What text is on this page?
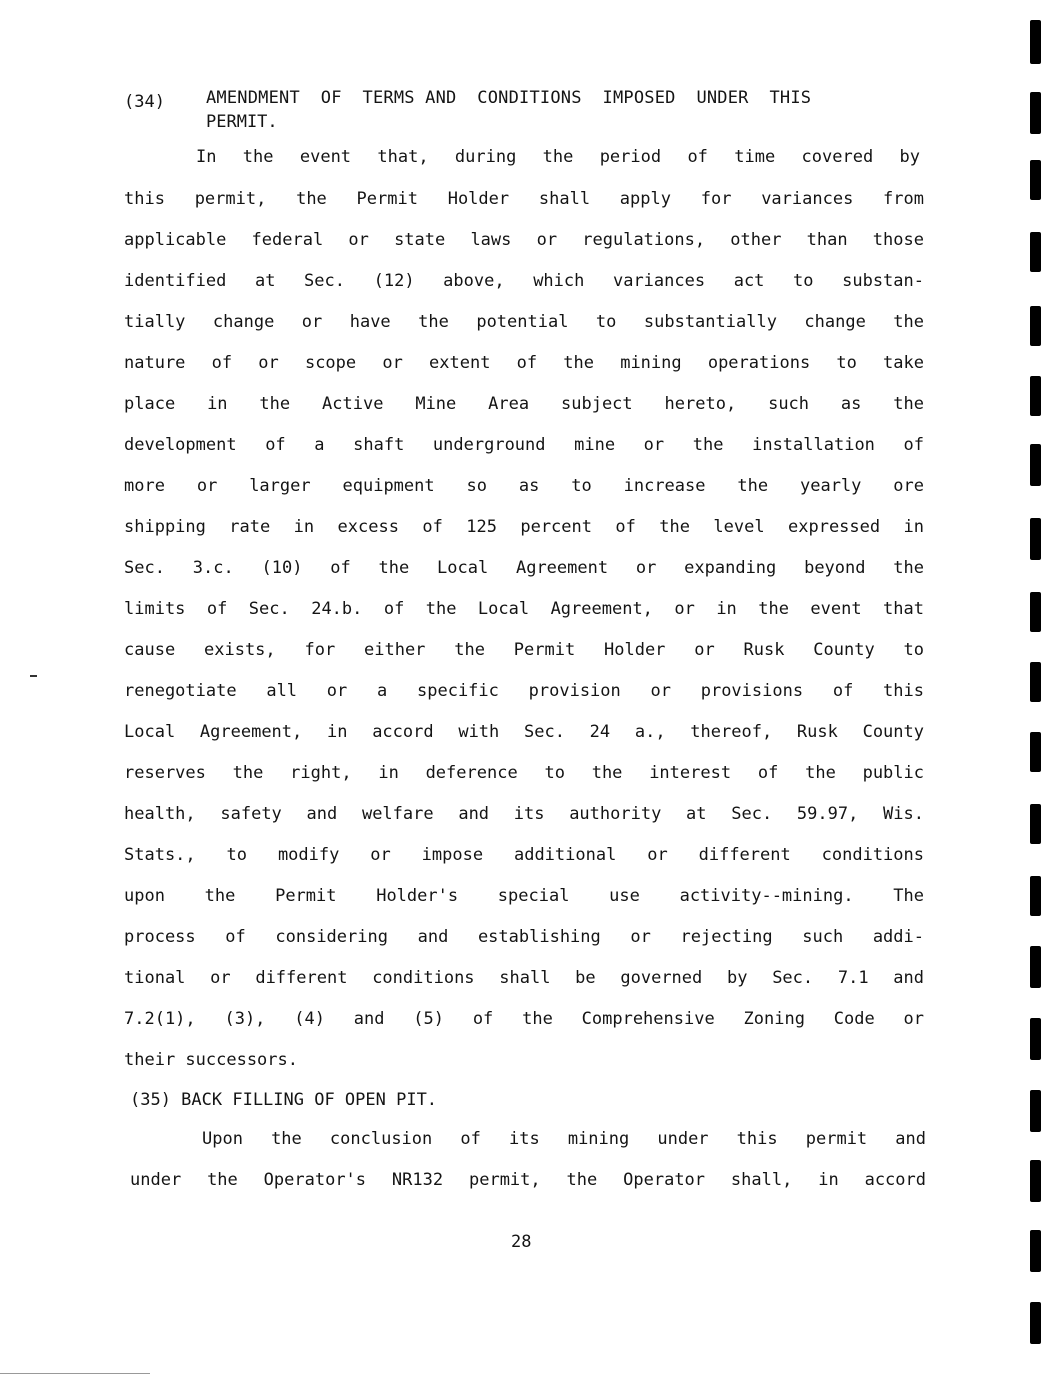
(34) AMENDMENT  OF  TERMS AND  CONDITIONS  IMPOSED  UNDER  THIS
PERMIT.
In the event that, during the period of time covered by
this permit, the Permit Holder shall apply for variances from
applicable federal or state laws or regulations, other than those
identified at Sec. (12) above, which variances act to substan-
tially change or have the potential to substantially change the
nature of or scope or extent of the mining operations to take
place in the Active Mine Area subject hereto, such as the
development of a shaft underground mine or the installation of
more or larger equipment so as to increase the yearly ore
shipping rate in excess of 125 percent of the level expressed in
Sec. 3.c. (10) of the Local Agreement or expanding beyond the
limits of Sec. 24.b. of the Local Agreement, or in the event that
cause exists, for either the Permit Holder or Rusk County to
renegotiate all or a specific provision or provisions of this
Local Agreement, in accord with Sec. 24 a., thereof, Rusk County
reserves the right, in deference to the interest of the public
health, safety and welfare and its authority at Sec. 59.97, Wis.
Stats., to modify or impose additional or different conditions
upon the Permit Holder's special use activity--mining. The
process of considering and establishing or rejecting such addi-
tional or different conditions shall be governed by Sec. 7.1 and
7.2(1), (3), (4) and (5) of the Comprehensive Zoning Code or
their successors.
(35) BACK FILLING OF OPEN PIT.
Upon the conclusion of its mining under this permit and
under the Operator's NR132 permit, the Operator shall, in accord
28
